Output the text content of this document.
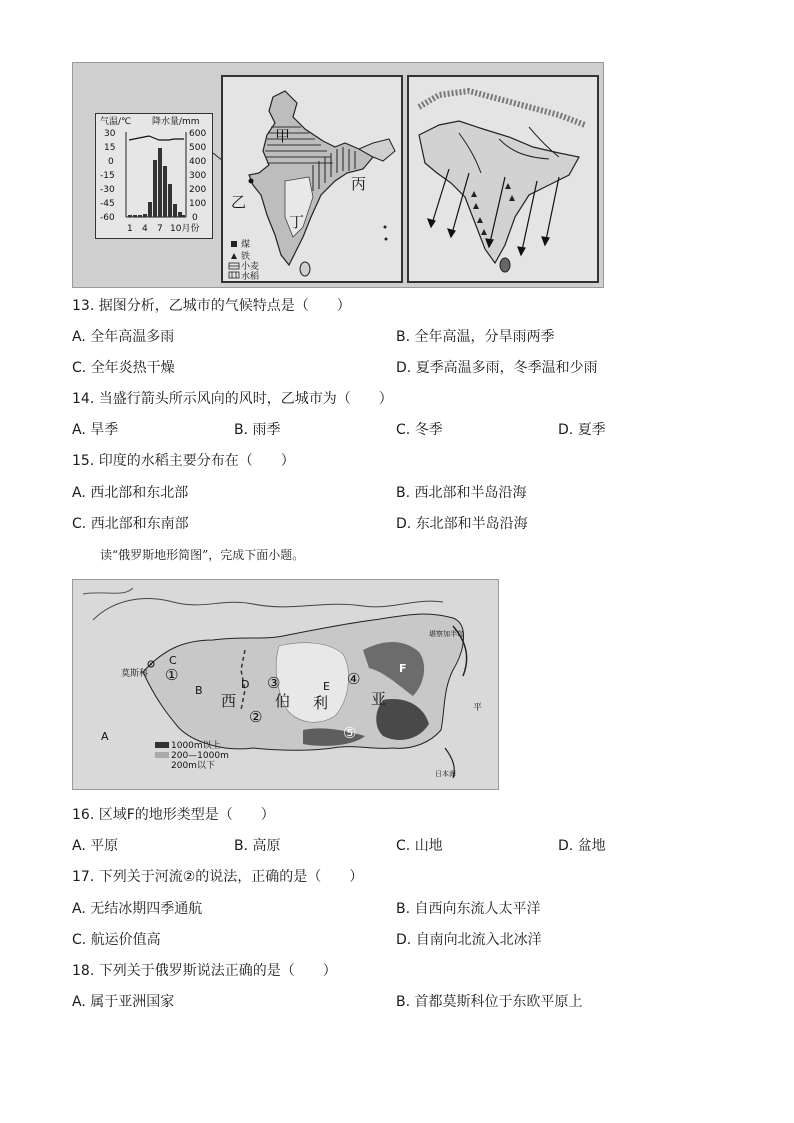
气温/℃ 降水量/mm
30
15
0
-15
-30
-45
-60
600
500
400
300
200
100
0
1 4 7 10月份
甲
丙
乙
丁
煤
铁
小麦
水稻
13. 据图分析，乙城市的气候特点是（　　）
A. 全年高温多雨	B. 全年高温，分旱雨两季
C. 全年炎热干燥	D. 夏季高温多雨，冬季温和少雨
14. 当盛行箭头所示风向的风时，乙城市为（　　）
A. 旱季	B. 雨季	C. 冬季	D. 夏季
15. 印度的水稻主要分布在（　　）
A. 西北部和东北部	B. 西北部和半岛沿海
C. 西北部和东南部	D. 东北部和半岛沿海
读“俄罗斯地形简图”，完成下面小题。
A
B
C
D	E
F
①
②
③	④
⑤
西	伯 利	亚
莫斯科
堪察加半岛
平
日本海
1000m以上
200—1000m
200m以下
16. 区域F的地形类型是（　　）
A. 平原	B. 高原	C. 山地	D. 盆地
17. 下列关于河流②的说法，正确的是（　　）
A. 无结冰期四季通航	B. 自西向东流人太平洋
C. 航运价值高	D. 自南向北流入北冰洋
18. 下列关于俄罗斯说法正确的是（　　）
A. 属于亚洲国家	B. 首都莫斯科位于东欧平原上
